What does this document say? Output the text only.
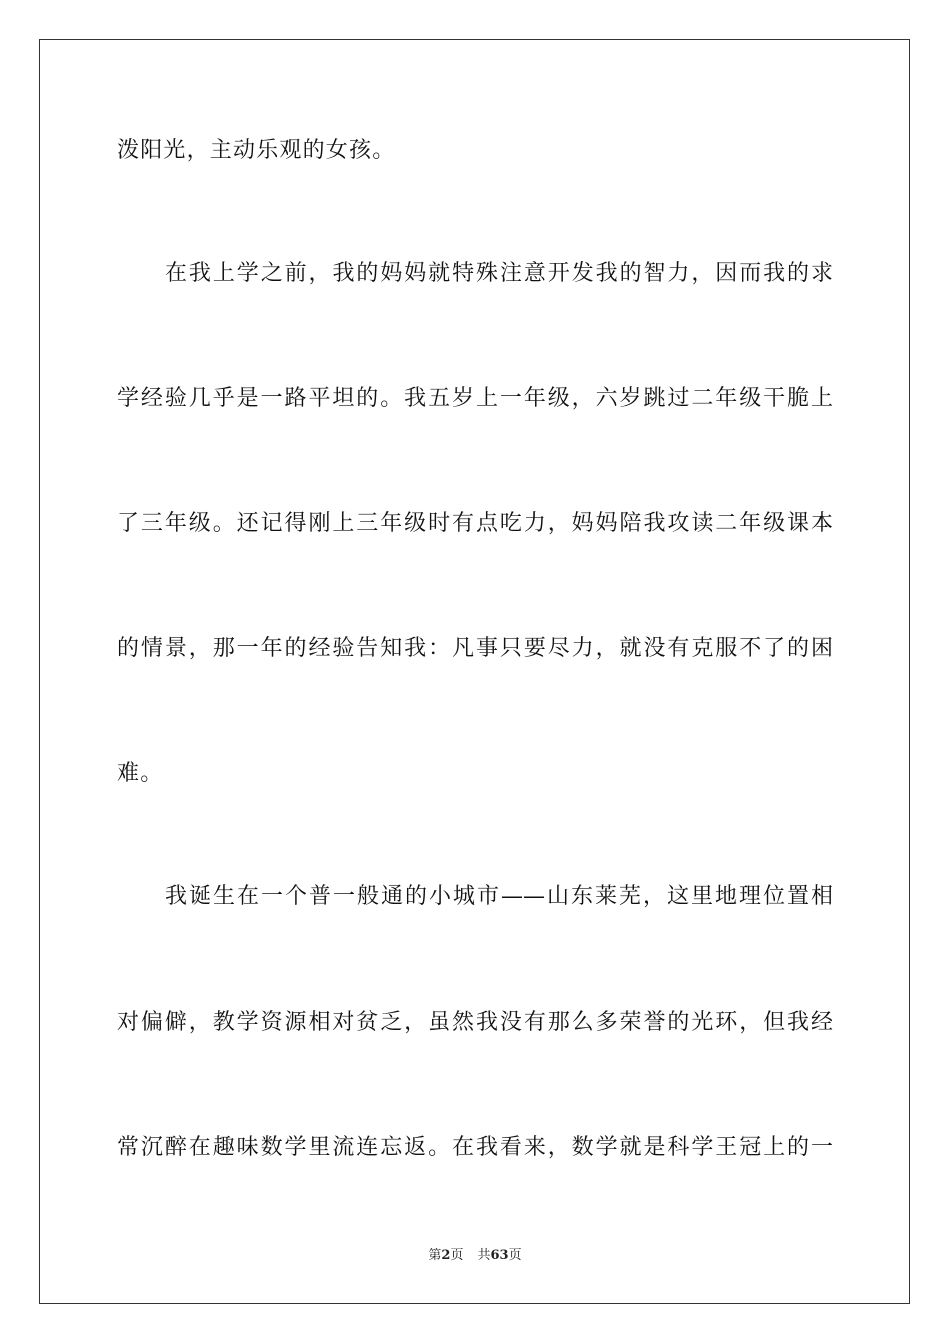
泼阳光，主动乐观的女孩。
在我上学之前，我的妈妈就特殊注意开发我的智力，因而我的求
学经验几乎是一路平坦的。我五岁上一年级，六岁跳过二年级干脆上
了三年级。还记得刚上三年级时有点吃力，妈妈陪我攻读二年级课本
的情景，那一年的经验告知我：凡事只要尽力，就没有克服不了的困
难。
我诞生在一个普一般通的小城市——山东莱芜，这里地理位置相
对偏僻，教学资源相对贫乏，虽然我没有那么多荣誉的光环，但我经
常沉醉在趣味数学里流连忘返。在我看来，数学就是科学王冠上的一
第2页 共63页
